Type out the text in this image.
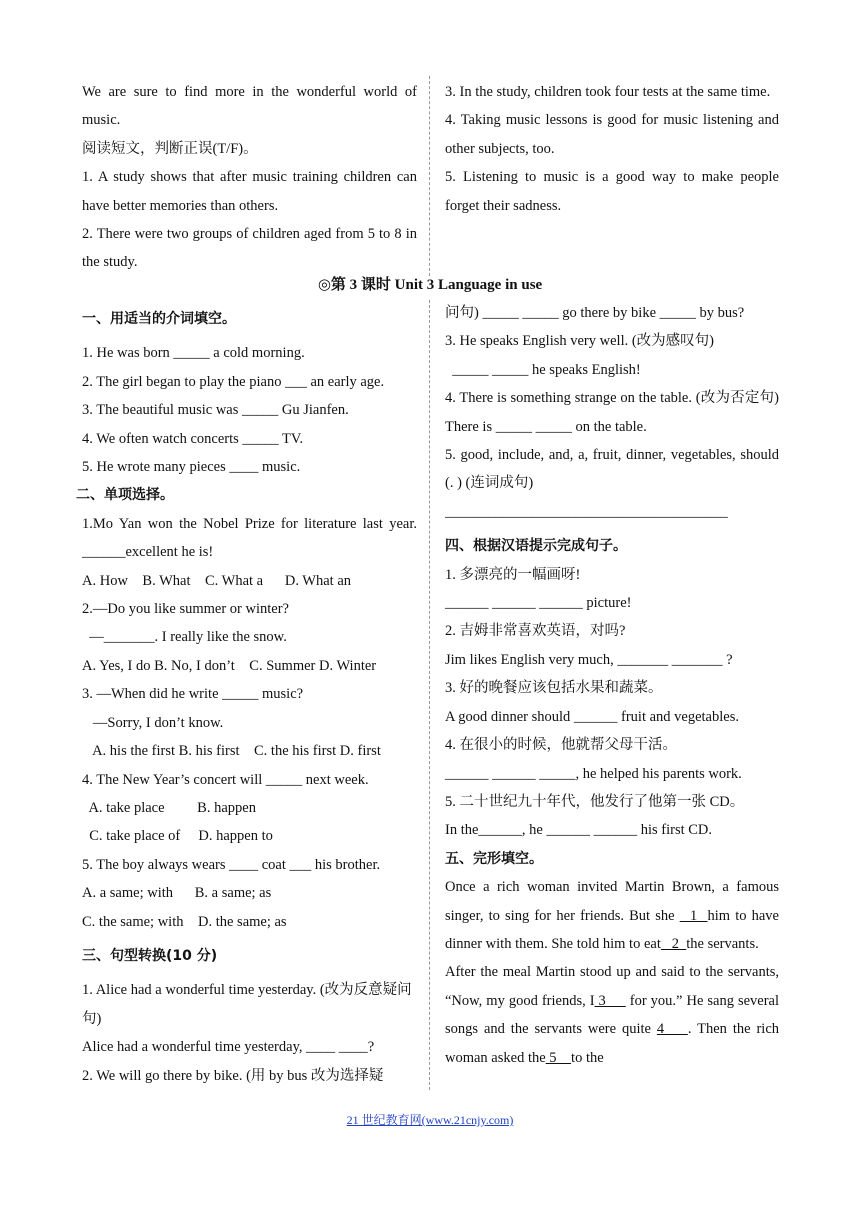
We are sure to find more in the wonderful world of music.

阅读短文，判断正误(T/F)。

1. A study shows that after music training children can have better memories than others.

2. There were two groups of children aged from 5 to 8 in the study.

3. In the study, children took four tests at the same time.

4. Taking music lessons is good for music listening and other subjects, too.

5. Listening to music is a good way to make people forget their sadness.

◎第 3 课时 Unit 3 Language in use

一、用适当的介词填空。

1. He was born _____ a cold morning.

2. The girl began to play the piano ___ an early age.

3. The beautiful music was _____ Gu Jianfen.

4. We often watch concerts _____ TV.

5. He wrote many pieces ____ music.

二、单项选择。

1.Mo Yan won the Nobel Prize for literature last year. ______excellent he is!

A. How    B. What    C. What a      D. What an

2.—Do you like summer or winter?

—_______. I really like the snow.

A. Yes, I do B. No, I don’t    C. Summer D. Winter

3. —When did he write _____ music?

—Sorry, I don’t know.

A. his the first B. his first    C. the his first D. first

4. The New Year’s concert will _____ next week.

A. take place         B. happen

C. take place of     D. happen to

5. The boy always wears ____ coat ___ his brother.

A. a same; with      B. a same; as

C. the same; with    D. the same; as

三、句型转换(10 分)

1. Alice had a wonderful time yesterday. (改为反意疑问句)

Alice had a wonderful time yesterday, ____ ____?

2. We will go there by bike. (用 by bus 改为选择疑

问句) _____ _____ go there by bike _____ by bus?

3. He speaks English very well. (改为感叹句)

_____ _____ he speaks English!

4. There is something strange on the table. (改为否定句) There is _____ _____ on the table.

5. good, include, and, a, fruit, dinner, vegetables, should (. ) (连词成句)

_______________________________________

四、根据汉语提示完成句子。

1. 多漂亮的一幅画呀!

______ ______ ______ picture!

2. 吉姆非常喜欢英语，对吗?

Jim likes English very much, _______ _______ ?

3. 好的晚餐应该包括水果和蔬菜。

A good dinner should ______ fruit and vegetables.

4. 在很小的时候，他就帮父母干活。

______ ______ _____, he helped his parents work.

5. 二十世纪九十年代，他发行了他第一张 CD。

In the______, he ______ ______ his first CD.

五、完形填空。

Once a rich woman invited Martin Brown, a famous singer, to sing for her friends. But she   1  him to have dinner with them. She told him to eat   2  the servants.

After the meal Martin stood up and said to the servants, “Now, my good friends, I 3      for you.” He sang several songs and the servants were quite 4    . Then the rich woman asked the 5    to the

21 世纪教育网(www.21cnjy.com)
